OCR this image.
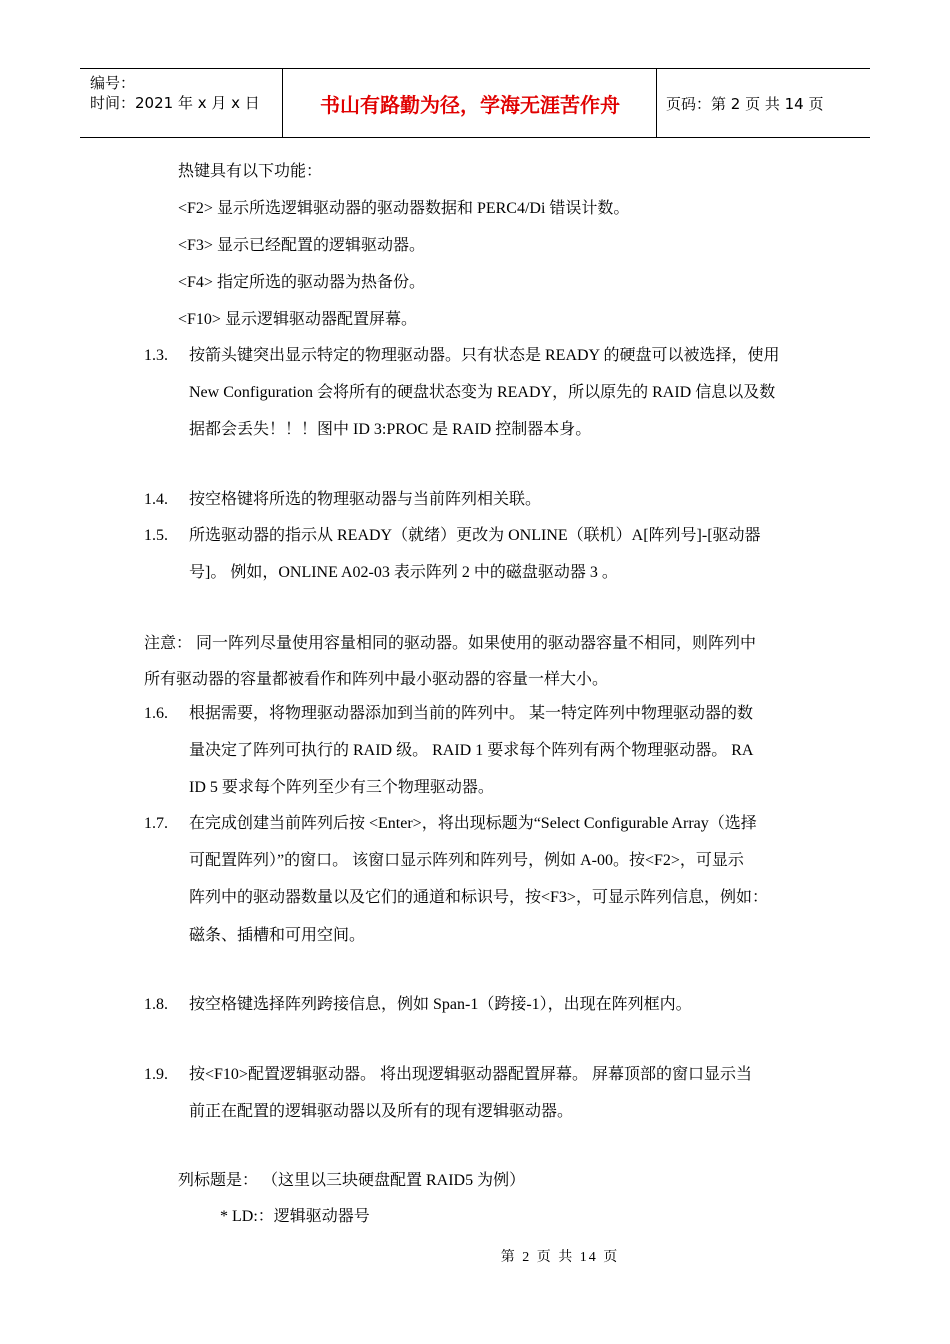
编号：
时间：2021 年 x 月 x 日	书山有路勤为径，学海无涯苦作舟	页码：第 2 页 共 14 页
热键具有以下功能：
<F2> 显示所选逻辑驱动器的驱动器数据和 PERC4/Di 错误计数。
<F3> 显示已经配置的逻辑驱动器。
<F4> 指定所选的驱动器为热备份。
<F10> 显示逻辑驱动器配置屏幕。
1.3. 按箭头键突出显示特定的物理驱动器。只有状态是 READY 的硬盘可以被选择，使用
New Configuration 会将所有的硬盘状态变为 READY，所以原先的 RAID 信息以及数
据都会丢失！！！图中 ID 3:PROC 是 RAID 控制器本身。
1.4. 按空格键将所选的物理驱动器与当前阵列相关联。
1.5. 所选驱动器的指示从 READY（就绪）更改为 ONLINE（联机）A[阵列号]-[驱动器
号]。 例如，ONLINE A02-03 表示阵列 2 中的磁盘驱动器 3 。
注意： 同一阵列尽量使用容量相同的驱动器。如果使用的驱动器容量不相同，则阵列中
所有驱动器的容量都被看作和阵列中最小驱动器的容量一样大小。
1.6. 根据需要，将物理驱动器添加到当前的阵列中。 某一特定阵列中物理驱动器的数
量决定了阵列可执行的 RAID 级。 RAID 1 要求每个阵列有两个物理驱动器。 RA
ID 5 要求每个阵列至少有三个物理驱动器。
1.7. 在完成创建当前阵列后按 <Enter>，将出现标题为“Select Configurable Array（选择
可配置阵列）”的窗口。 该窗口显示阵列和阵列号，例如 A-00。按<F2>，可显示
阵列中的驱动器数量以及它们的通道和标识号，按<F3>，可显示阵列信息，例如：
磁条、插槽和可用空间。
1.8. 按空格键选择阵列跨接信息，例如 Span-1（跨接-1），出现在阵列框内。
1.9. 按<F10>配置逻辑驱动器。 将出现逻辑驱动器配置屏幕。 屏幕顶部的窗口显示当
前正在配置的逻辑驱动器以及所有的现有逻辑驱动器。
列标题是： （这里以三块硬盘配置 RAID5 为例）
* LD:：逻辑驱动器号
第 2 页 共 14 页
